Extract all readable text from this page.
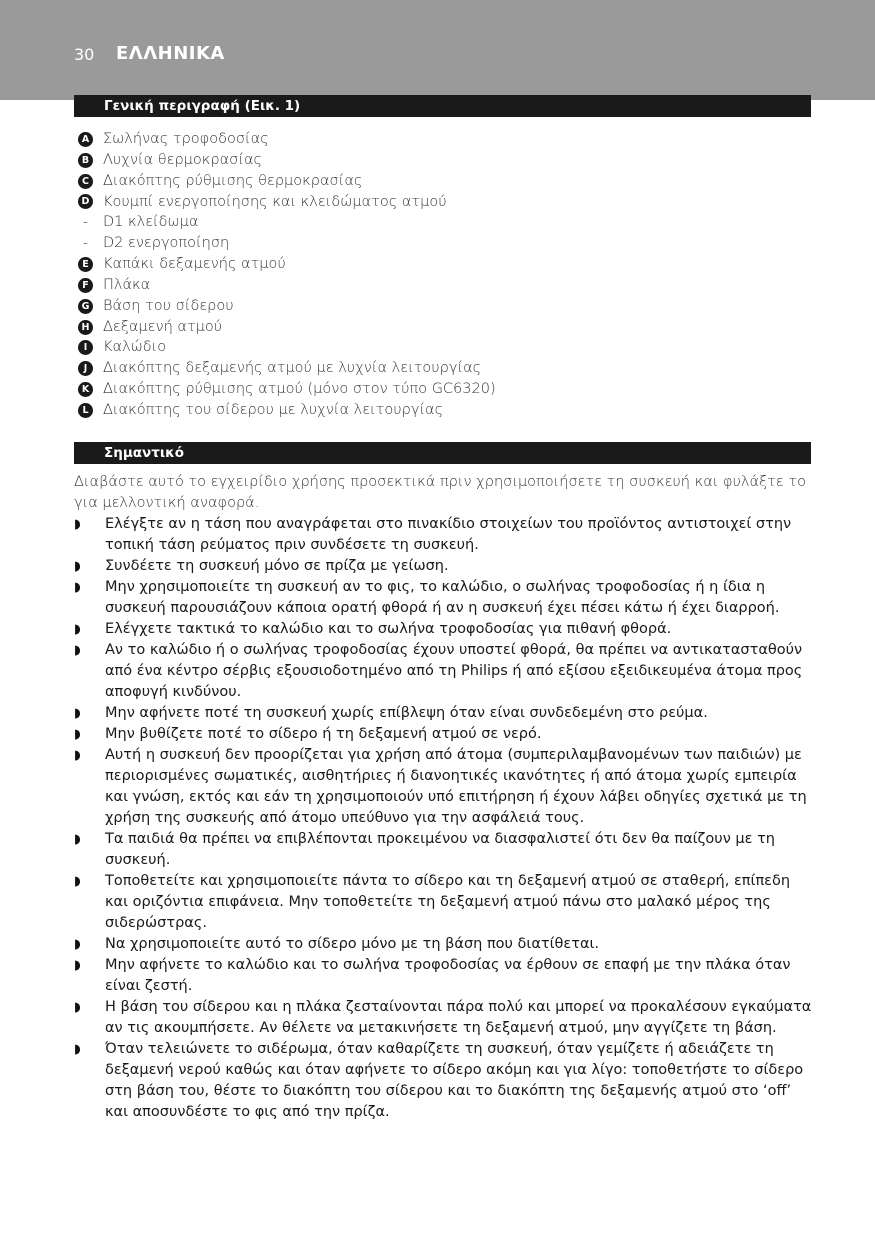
30 ΕΛΛΗΝΙΚΑ
Γενική περιγραφή (Εικ. 1)
A Σωλήνας τροφοδοσίας
B Λυχνία θερμοκρασίας
C Διακόπτης ρύθμισης θερμοκρασίας
D Κουμπί ενεργοποίησης και κλειδώματος ατμού
-	D1 κλείδωμα
-	D2 ενεργοποίηση
E Καπάκι δεξαμενής ατμού
F Πλάκα
G Βάση του σίδερου
H Δεξαμενή ατμού
I	Καλώδιο
J	Διακόπτης δεξαμενής ατμού με λυχνία λειτουργίας
K Διακόπτης ρύθμισης ατμού (μόνο στον τύπο GC6320)
L Διακόπτης του σίδερου με λυχνία λειτουργίας
Σημαντικό

Διαβάστε αυτό το εγχειρίδιο χρήσης προσεκτικά πριν χρησιμοποιήσετε τη συσκευή και φυλάξτε το για μελλοντική αναφορά.

◗ Ελέγξτε αν η τάση που αναγράφεται στο πινακίδιο στοιχείων του προϊόντος αντιστοιχεί στην τοπική τάση ρεύματος πριν συνδέσετε τη συσκευή.
◗ Συνδέετε τη συσκευή μόνο σε πρίζα με γείωση.
◗ Μην χρησιμοποιείτε τη συσκευή αν το φις, το καλώδιο, ο σωλήνας τροφοδοσίας ή η ίδια η συσκευή παρουσιάζουν κάποια ορατή φθορά ή αν η συσκευή έχει πέσει κάτω ή έχει διαρροή.
◗ Ελέγχετε τακτικά το καλώδιο και το σωλήνα τροφοδοσίας για πιθανή φθορά.
◗ Αν το καλώδιο ή ο σωλήνας τροφοδοσίας έχουν υποστεί φθορά, θα πρέπει να αντικατασταθούν από ένα κέντρο σέρβις εξουσιοδοτημένο από τη Philips ή από εξίσου εξειδικευμένα άτομα προς αποφυγή κινδύνου.
◗ Μην αφήνετε ποτέ τη συσκευή χωρίς επίβλεψη όταν είναι συνδεδεμένη στο ρεύμα.
◗ Μην βυθίζετε ποτέ το σίδερο ή τη δεξαμενή ατμού σε νερό.
◗ Αυτή η συσκευή δεν προορίζεται για χρήση από άτομα (συμπεριλαμβανομένων των παιδιών) με περιορισμένες σωματικές, αισθητήριες ή διανοητικές ικανότητες ή από άτομα χωρίς εμπειρία και γνώση, εκτός και εάν τη χρησιμοποιούν υπό επιτήρηση ή έχουν λάβει οδηγίες σχετικά με τη χρήση της συσκευής από άτομο υπεύθυνο για την ασφάλειά τους.
◗ Τα παιδιά θα πρέπει να επιβλέπονται προκειμένου να διασφαλιστεί ότι δεν θα παίζουν με τη συσκευή.
◗ Τοποθετείτε και χρησιμοποιείτε πάντα το σίδερο και τη δεξαμενή ατμού σε σταθερή, επίπεδη και οριζόντια επιφάνεια. Μην τοποθετείτε τη δεξαμενή ατμού πάνω στο μαλακό μέρος της σιδερώστρας.
◗ Να χρησιμοποιείτε αυτό το σίδερο μόνο με τη βάση που διατίθεται.
◗ Μην αφήνετε το καλώδιο και το σωλήνα τροφοδοσίας να έρθουν σε επαφή με την πλάκα όταν είναι ζεστή.
◗ Η βάση του σίδερου και η πλάκα ζεσταίνονται πάρα πολύ και μπορεί να προκαλέσουν εγκαύματα αν τις ακουμπήσετε. Αν θέλετε να μετακινήσετε τη δεξαμενή ατμού, μην αγγίζετε τη βάση.
◗ Όταν τελειώνετε το σιδέρωμα, όταν καθαρίζετε τη συσκευή, όταν γεμίζετε ή αδειάζετε τη δεξαμενή νερού καθώς και όταν αφήνετε το σίδερο ακόμη και για λίγο: τοποθετήστε το σίδερο στη βάση του, θέστε το διακόπτη του σίδερου και το διακόπτη της δεξαμενής ατμού στο ‘off’ και αποσυνδέστε το φις από την πρίζα.
